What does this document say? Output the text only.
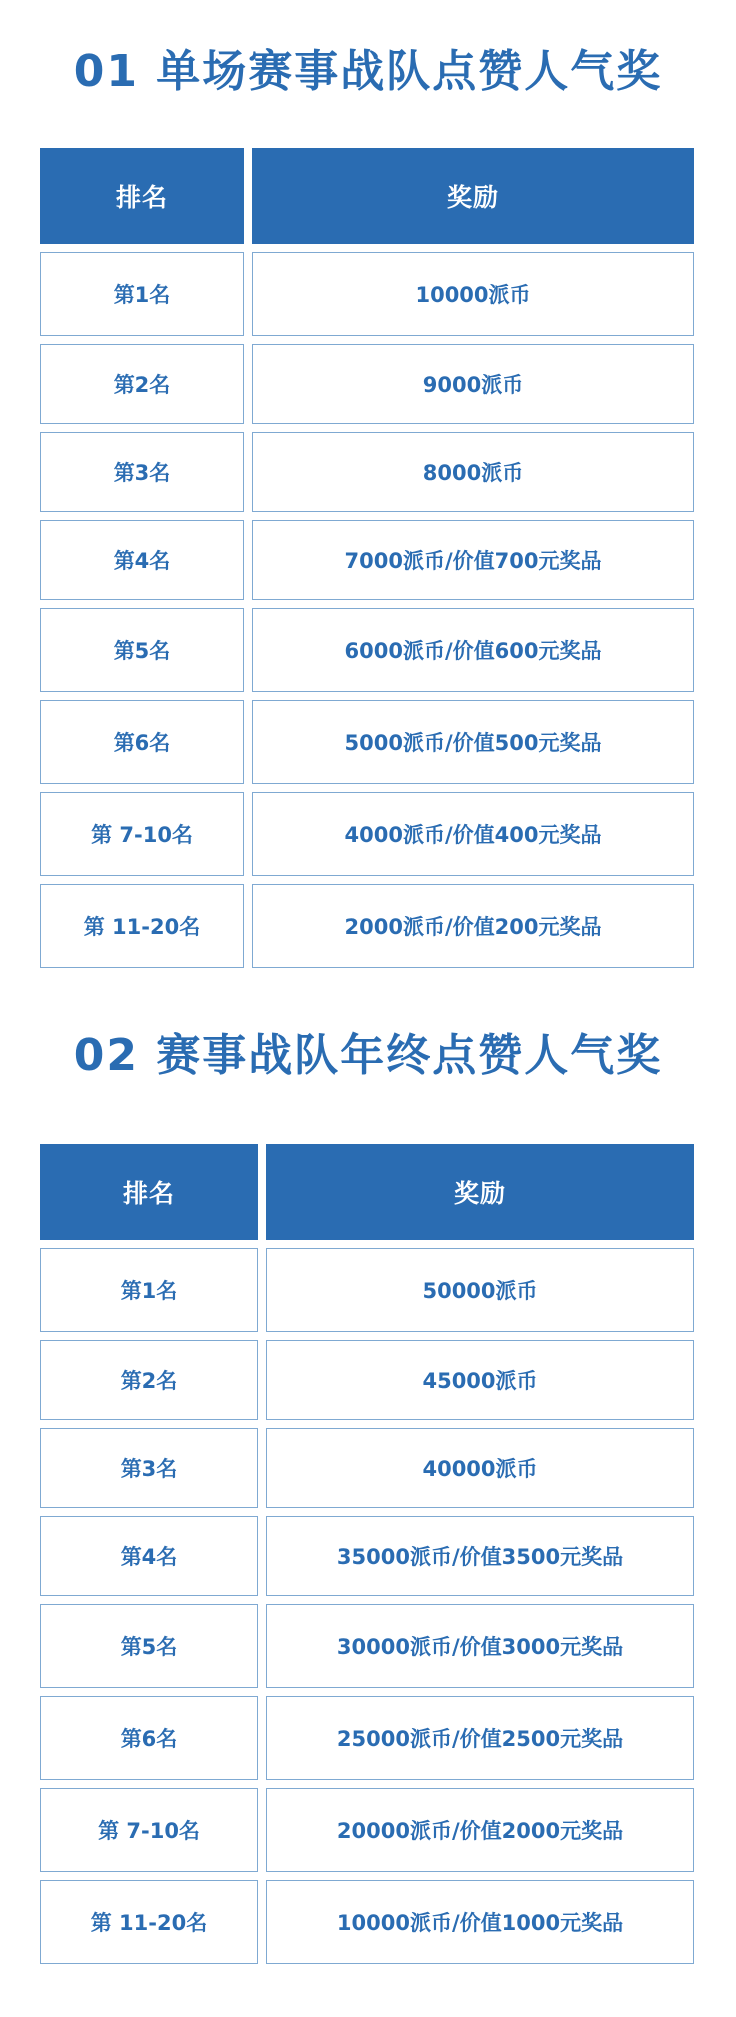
01 单场赛事战队点赞人气奖
排名	奖励
第1名	10000派币
第2名	9000派币
第3名	8000派币
第4名	7000派币/价值700元奖品
第5名	6000派币/价值600元奖品
第6名	5000派币/价值500元奖品
第 7-10名	4000派币/价值400元奖品
第 11-20名	2000派币/价值200元奖品
02 赛事战队年终点赞人气奖
排名	奖励
第1名	50000派币
第2名	45000派币
第3名	40000派币
第4名	35000派币/价值3500元奖品
第5名	30000派币/价值3000元奖品
第6名	25000派币/价值2500元奖品
第 7-10名	20000派币/价值2000元奖品
第 11-20名	10000派币/价值1000元奖品
